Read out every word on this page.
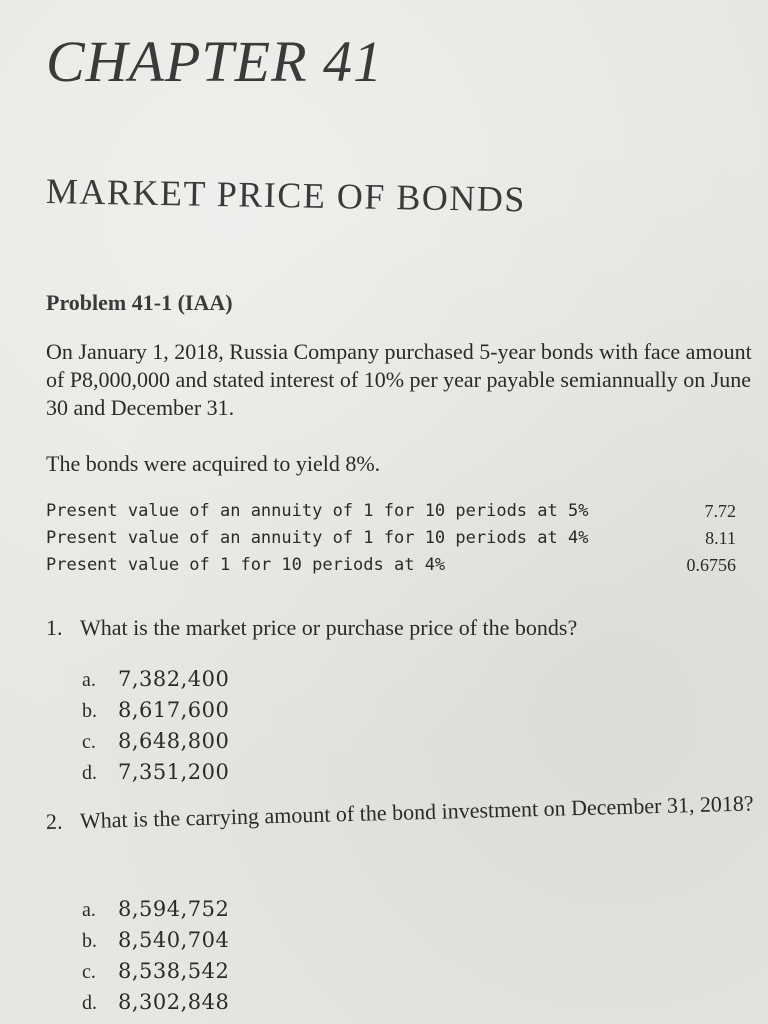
CHAPTER 41
MARKET PRICE OF BONDS

Problem 41-1 (IAA)

On January 1, 2018, Russia Company purchased 5-year bonds with face amount of P8,000,000 and stated interest of 10% per year payable semiannually on June 30 and December 31.

The bonds were acquired to yield 8%.

Present value of an annuity of 1 for 10 periods at 5%	7.72
Present value of an annuity of 1 for 10 periods at 4%	8.11
Present value of 1 for 10 periods at 4%	0.6756

1. What is the market price or purchase price of the bonds?

a. 7,382,400
b. 8,617,600
c. 8,648,800
d. 7,351,200

2. What is the carrying amount of the bond investment on December 31, 2018?

a. 8,594,752
b. 8,540,704
c. 8,538,542
d. 8,302,848
